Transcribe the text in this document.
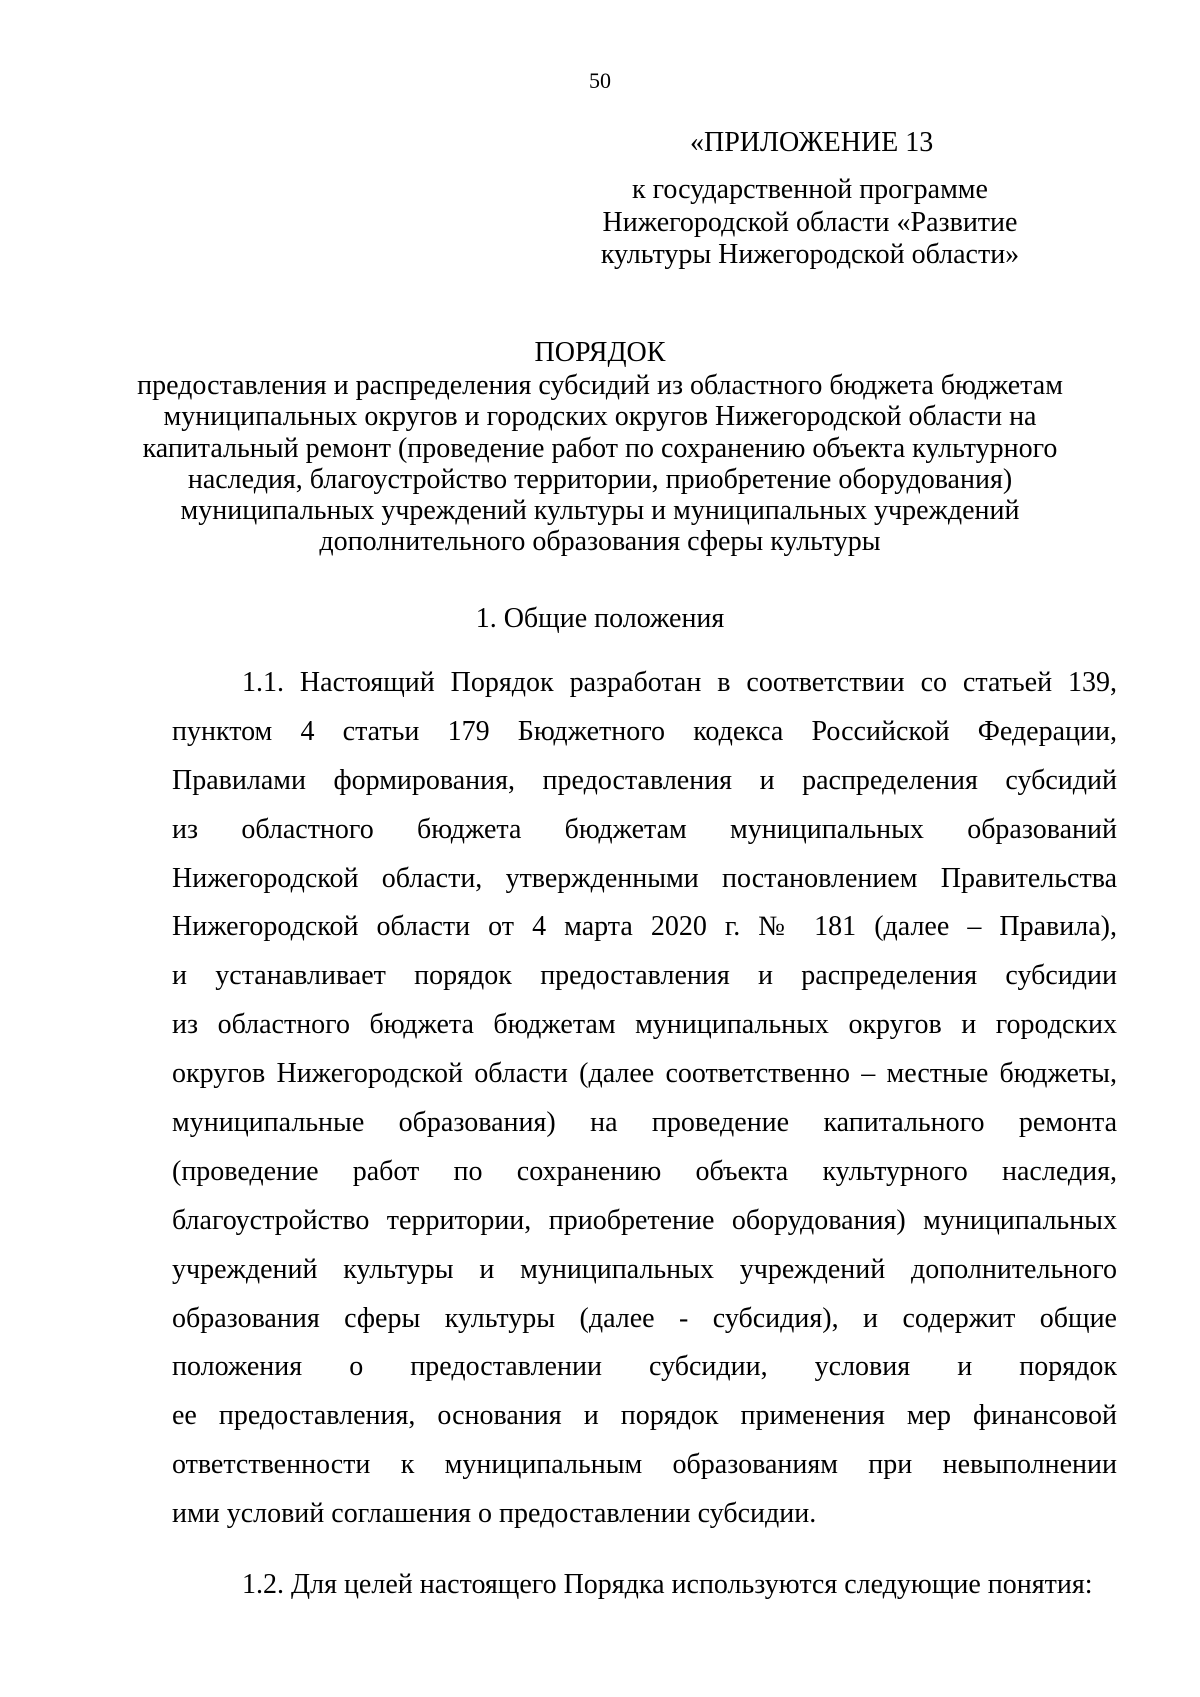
50
«ПРИЛОЖЕНИЕ 13
к государственной программе
Нижегородской области «Развитие
культуры Нижегородской области»
ПОРЯДОК
предоставления и распределения субсидий из областного бюджета бюджетам
муниципальных округов и городских округов Нижегородской области на
капитальный ремонт (проведение работ по сохранению объекта культурного
наследия, благоустройство территории, приобретение оборудования)
муниципальных учреждений культуры и муниципальных учреждений
дополнительного образования сферы культуры
1. Общие положения
1.1. Настоящий Порядок разработан в соответствии со статьей 139,
пунктом 4 статьи 179 Бюджетного кодекса Российской Федерации,
Правилами формирования, предоставления и распределения субсидий
из областного бюджета бюджетам муниципальных образований
Нижегородской области, утвержденными постановлением Правительства
Нижегородской области от 4 марта 2020 г. № 181 (далее – Правила),
и устанавливает порядок предоставления и распределения субсидии
из областного бюджета бюджетам муниципальных округов и городских
округов Нижегородской области (далее соответственно – местные бюджеты,
муниципальные образования) на проведение капитального ремонта
(проведение работ по сохранению объекта культурного наследия,
благоустройство территории, приобретение оборудования) муниципальных
учреждений культуры и муниципальных учреждений дополнительного
образования сферы культуры (далее - субсидия), и содержит общие
положения о предоставлении субсидии, условия и порядок
ее предоставления, основания и порядок применения мер финансовой
ответственности к муниципальным образованиям при невыполнении
ими условий соглашения о предоставлении субсидии.
1.2. Для целей настоящего Порядка используются следующие понятия:
